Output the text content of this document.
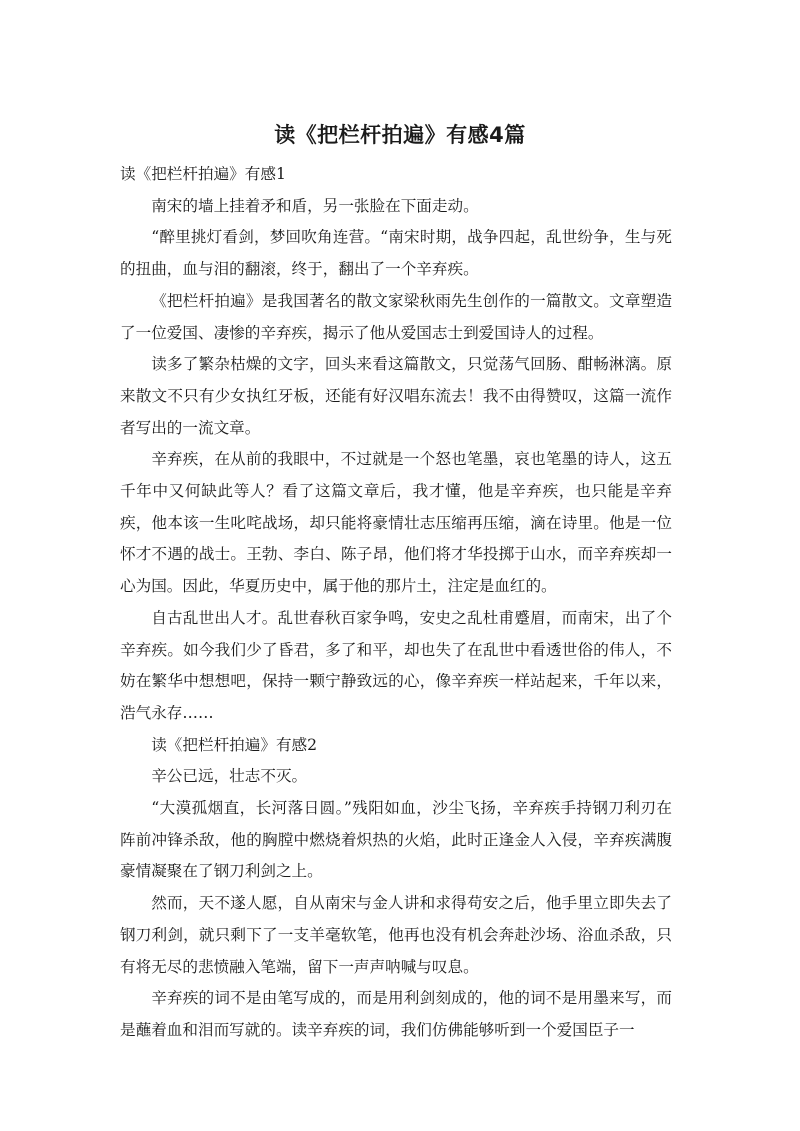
读《把栏杆拍遍》有感4篇

读《把栏杆拍遍》有感1

南宋的墙上挂着矛和盾，另一张脸在下面走动。

“醉里挑灯看剑，梦回吹角连营。“南宋时期，战争四起，乱世纷争，生与死的扭曲，血与泪的翻滚，终于，翻出了一个辛弃疾。

《把栏杆拍遍》是我国著名的散文家梁秋雨先生创作的一篇散文。文章塑造了一位爱国、凄惨的辛弃疾，揭示了他从爱国志士到爱国诗人的过程。

读多了繁杂枯燥的文字，回头来看这篇散文，只觉荡气回肠、酣畅淋漓。原来散文不只有少女执红牙板，还能有好汉唱东流去！我不由得赞叹，这篇一流作者写出的一流文章。

辛弃疾，在从前的我眼中，不过就是一个怒也笔墨，哀也笔墨的诗人，这五千年中又何缺此等人？看了这篇文章后，我才懂，他是辛弃疾，也只能是辛弃疾，他本该一生叱咤战场，却只能将豪情壮志压缩再压缩，滴在诗里。他是一位怀才不遇的战士。王勃、李白、陈子昂，他们将才华投掷于山水，而辛弃疾却一心为国。因此，华夏历史中，属于他的那片土，注定是血红的。

自古乱世出人才。乱世春秋百家争鸣，安史之乱杜甫蹙眉，而南宋，出了个辛弃疾。如今我们少了昏君，多了和平，却也失了在乱世中看透世俗的伟人，不妨在繁华中想想吧，保持一颗宁静致远的心，像辛弃疾一样站起来，千年以来，浩气永存……

读《把栏杆拍遍》有感2

辛公已远，壮志不灭。

“大漠孤烟直，长河落日圆。”残阳如血，沙尘飞扬，辛弃疾手持钢刀利刃在阵前冲锋杀敌，他的胸膛中燃烧着炽热的火焰，此时正逢金人入侵，辛弃疾满腹豪情凝聚在了钢刀利剑之上。

然而，天不遂人愿，自从南宋与金人讲和求得苟安之后，他手里立即失去了钢刀利剑，就只剩下了一支羊毫软笔，他再也没有机会奔赴沙场、浴血杀敌，只有将无尽的悲愤融入笔端，留下一声声呐喊与叹息。

辛弃疾的词不是由笔写成的，而是用利剑刻成的，他的词不是用墨来写，而是蘸着血和泪而写就的。读辛弃疾的词，我们仿佛能够听到一个爱国臣子一
